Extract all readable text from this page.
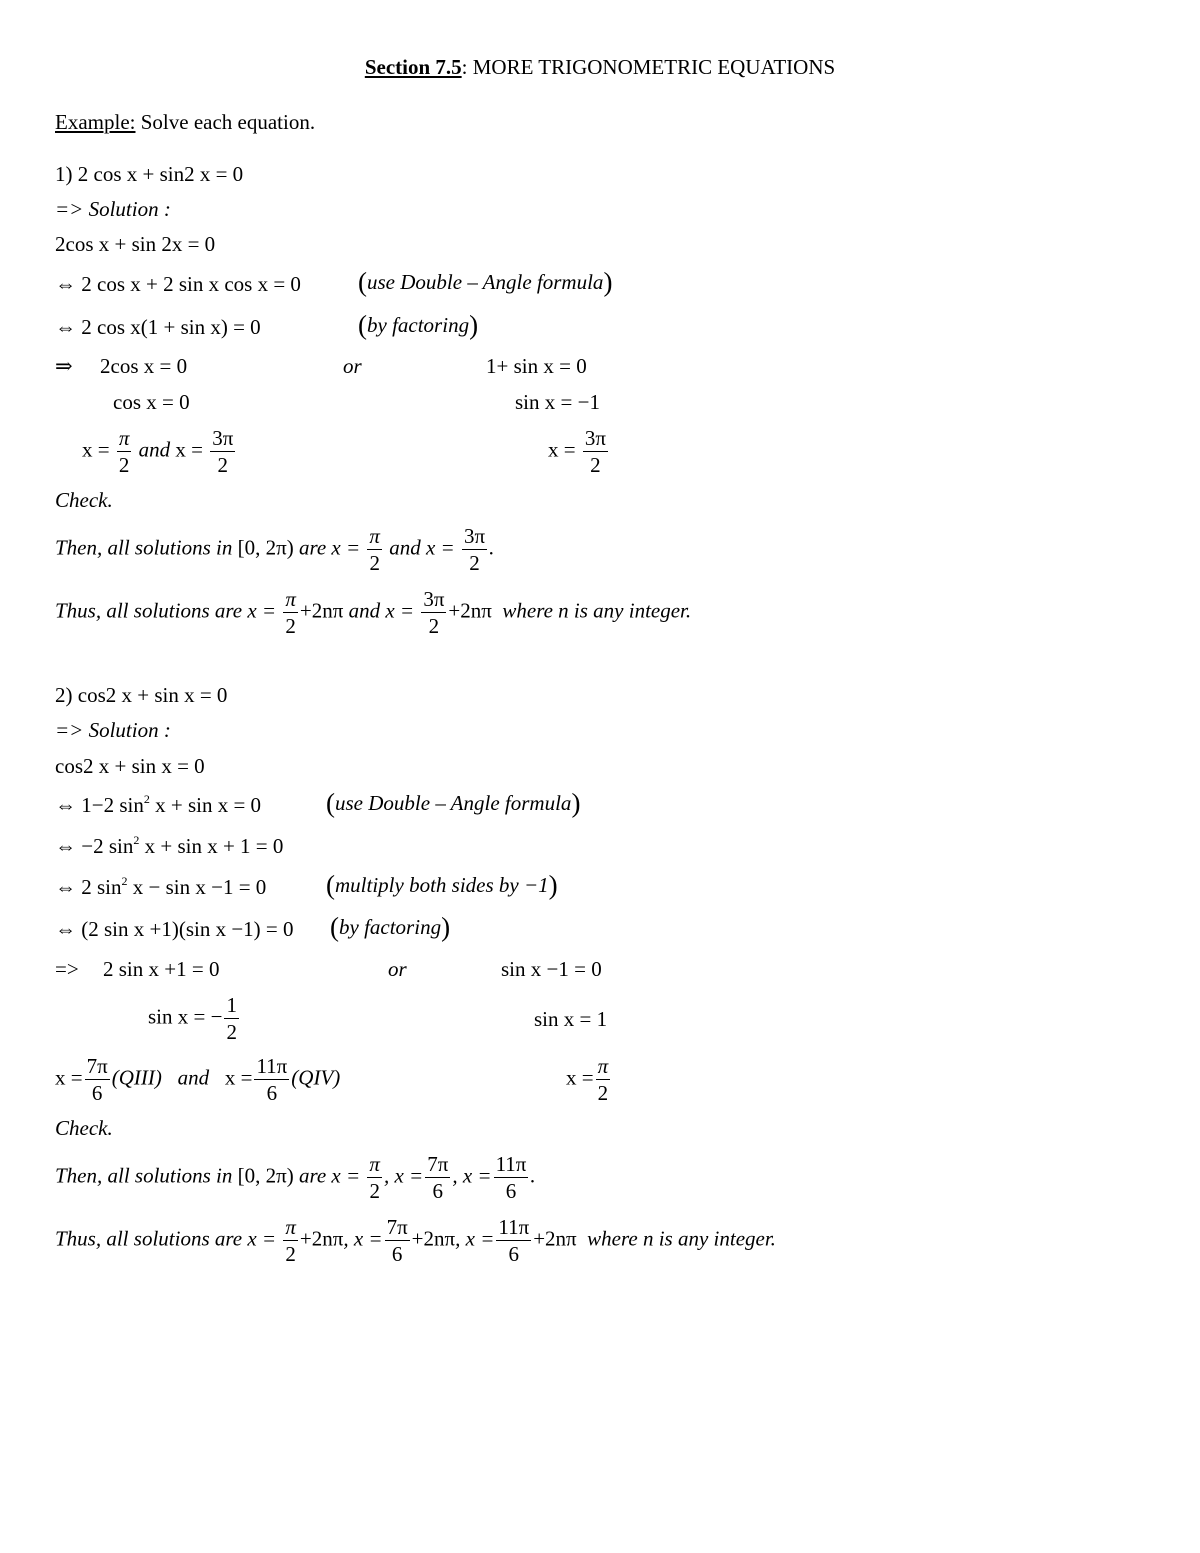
Section 7.5: MORE TRIGONOMETRIC EQUATIONS
Example: Solve each equation.
1) 2 cos x + sin2 x = 0
=> Solution :
2cos x + sin 2x = 0
⇔ 2 cos x + 2 sin x cos x = 0 (use Double – Angle formula)
⇔ 2 cos x(1 + sin x) = 0	(by factoring)
⇒ 2cos x = 0	or	1+ sin x = 0
cos x = 0	sin x = −1
$x = \frac{\pi}{2}$ and $x = \frac{3\pi}{2}$	$x = \frac{3\pi}{2}$
Check.
Then, all solutions in [0, 2π) are $x = \frac{\pi}{2}$ and $x = \frac{3\pi}{2}$ .
Thus, all solutions are $x = \frac{\pi}{2} +2n\pi$ and $x = \frac{3\pi}{2} +2n\pi$ where n is any integer.
2) cos2 x + sin x = 0
=> Solution :
cos2 x + sin x = 0
⇔ 1−2 $\sin^2 x + \sin x = 0$ (use Double – Angle formula)
⇔ −2 $\sin^2 x + \sin x + 1 = 0$
⇔ 2 $\sin^2 x - \sin x -1 = 0$ (multiply both sides by −1)
⇔ (2 sin x +1)(sin x −1) = 0 (by factoring)
=> 2 sin x +1 = 0	or	sin x −1 = 0
sin x = − $\frac{1}{2}$	sin x = 1
$x = \frac{7\pi}{6}$ (QIII) and $x = \frac{11\pi}{6} (QIV)$	$x = \frac{\pi}{2}$
Check.
Then, all solutions in [0, 2π) are $x = \frac{\pi}{2}$ , $x = \frac{7\pi}{6}$ , $x = \frac{11\pi}{6}$ .
Thus, all solutions are $x = \frac{\pi}{2} +2n\pi$, $x = \frac{7\pi}{6} +2n\pi$, $x = \frac{11\pi}{6} +2n\pi$ where n is any integer.
